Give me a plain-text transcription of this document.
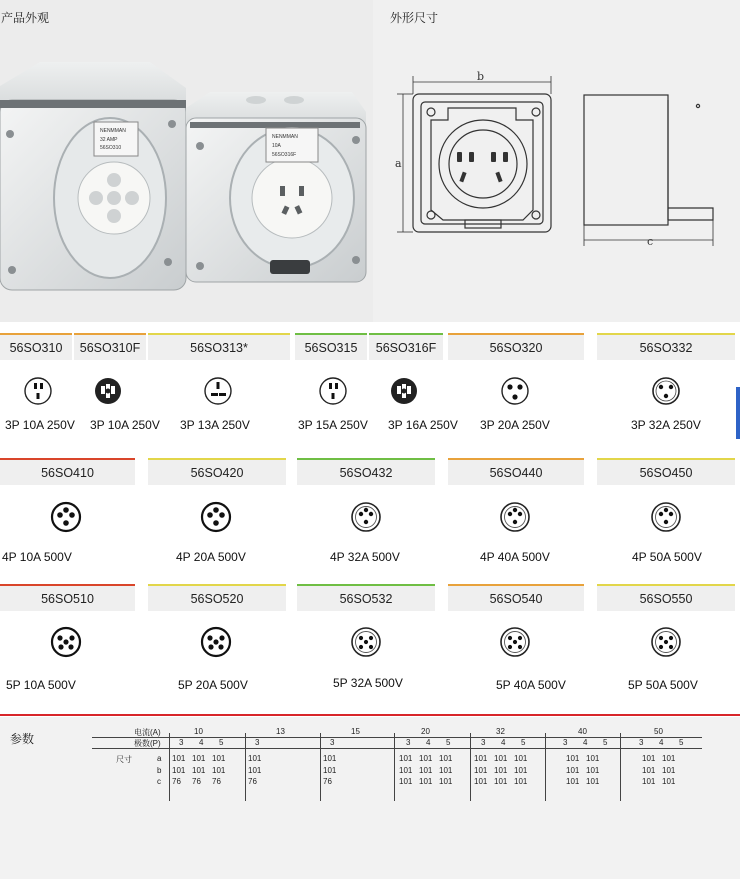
产品外观
NENMMAN
32 AMP
56SO310
NENMMAN
10A
56SO316F
外形尺寸
b
a
c
56SO310
3P 10A 250V
56SO310F
3P 10A 250V
56SO313*
3P 13A 250V
56SO315
3P 15A 250V
56SO316F
3P 16A 250V
56SO320
3P 20A 250V
56SO332
3P 32A 250V
56SO410
4P 10A 500V
56SO420
4P 20A 500V
56SO432
4P 32A 500V
56SO440
4P 40A 500V
56SO450
4P 50A 500V
56SO510
5P 10A 500V
56SO520
5P 20A 500V
56SO532
5P 32A 500V
56SO540
5P 40A 500V
56SO550
5P 50A 500V
参数	电流(A)
极数(P)
尺寸	a
b
c
10
3 4 5
101 101 101
101 101 101
76 76 76
13
3
101
101
76
15
3
101
101
76
20
3 4 5
101 101 101
101 101 101
101 101 101
32
3 4 5
101 101 101
101 101 101
101 101 101
40
3 4 5
101 101
101 101
101 101
50
3 4 5
101 101
101 101
101 101
